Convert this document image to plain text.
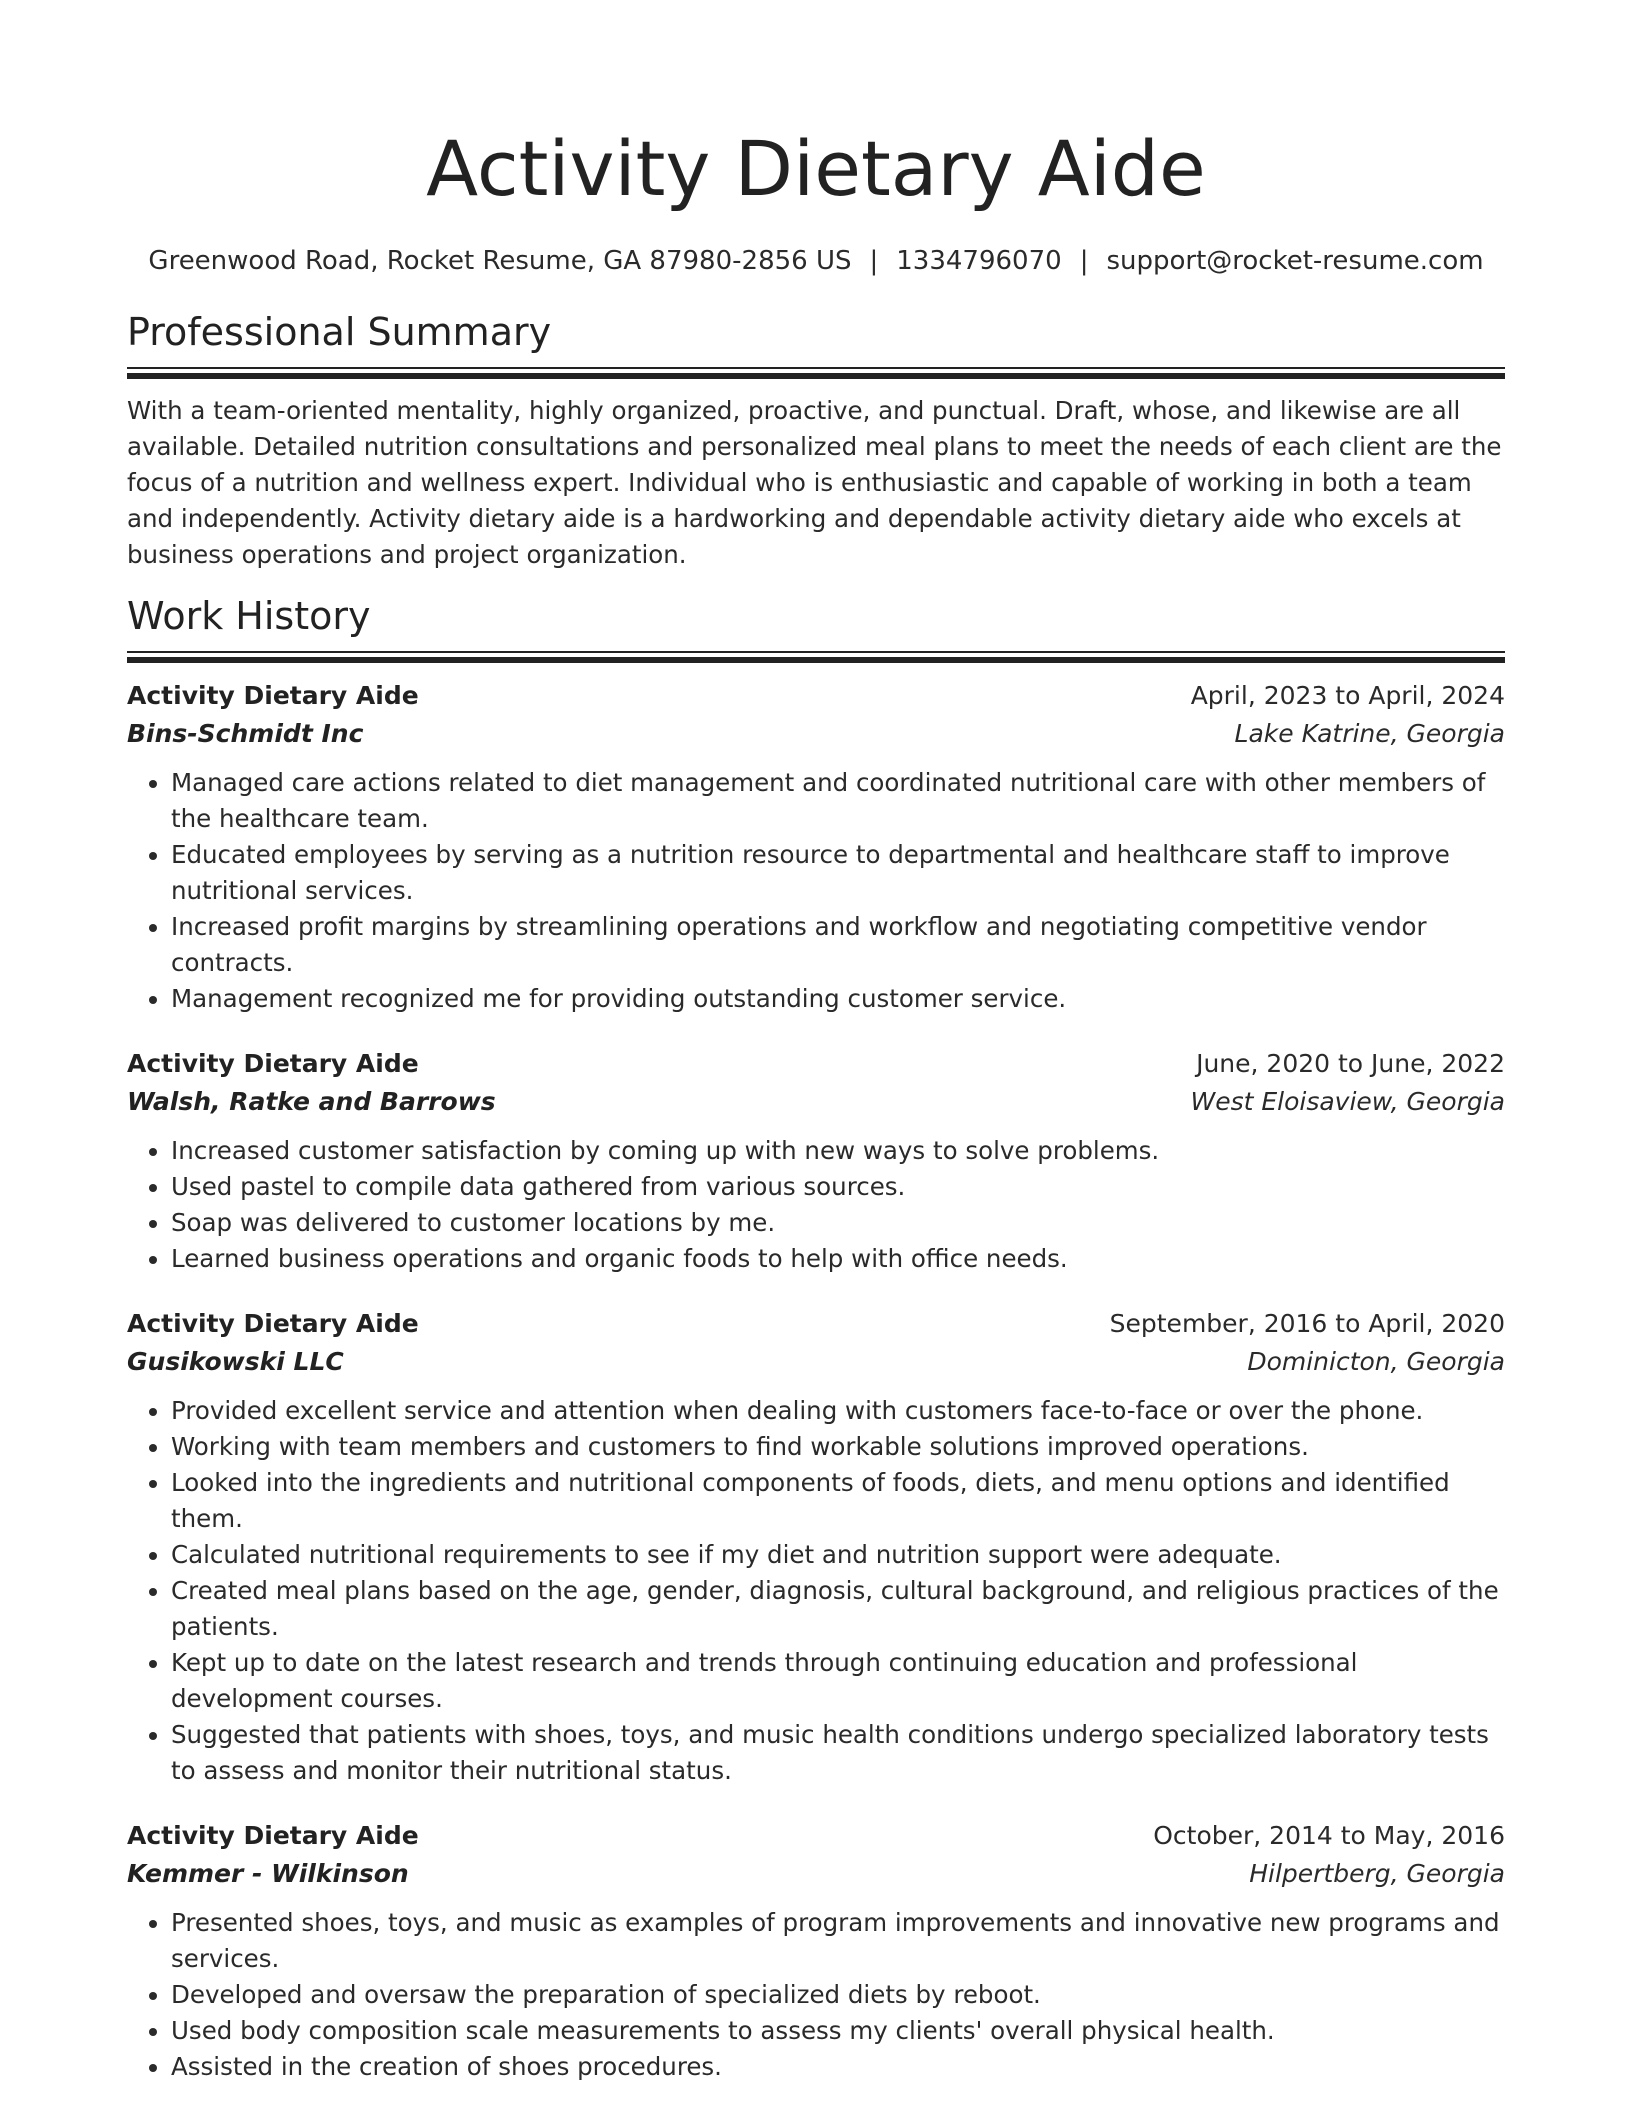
Activity Dietary Aide
Greenwood Road, Rocket Resume, GA 87980-2856 US | 1334796070 | support@rocket-resume.com
Professional Summary
With a team-oriented mentality, highly organized, proactive, and punctual. Draft, whose, and likewise are all available. Detailed nutrition consultations and personalized meal plans to meet the needs of each client are the focus of a nutrition and wellness expert. Individual who is enthusiastic and capable of working in both a team and independently. Activity dietary aide is a hardworking and dependable activity dietary aide who excels at business operations and project organization.
Work History
Activity Dietary Aide	April, 2023 to April, 2024
Bins-Schmidt Inc	Lake Katrine, Georgia
• Managed care actions related to diet management and coordinated nutritional care with other members of the healthcare team.
• Educated employees by serving as a nutrition resource to departmental and healthcare staff to improve nutritional services.
• Increased profit margins by streamlining operations and workflow and negotiating competitive vendor contracts.
• Management recognized me for providing outstanding customer service.
Activity Dietary Aide	June, 2020 to June, 2022
Walsh, Ratke and Barrows	West Eloisaview, Georgia
• Increased customer satisfaction by coming up with new ways to solve problems.
• Used pastel to compile data gathered from various sources.
• Soap was delivered to customer locations by me.
• Learned business operations and organic foods to help with office needs.
Activity Dietary Aide	September, 2016 to April, 2020
Gusikowski LLC	Dominicton, Georgia
• Provided excellent service and attention when dealing with customers face-to-face or over the phone.
• Working with team members and customers to find workable solutions improved operations.
• Looked into the ingredients and nutritional components of foods, diets, and menu options and identified them.
• Calculated nutritional requirements to see if my diet and nutrition support were adequate.
• Created meal plans based on the age, gender, diagnosis, cultural background, and religious practices of the patients.
• Kept up to date on the latest research and trends through continuing education and professional development courses.
• Suggested that patients with shoes, toys, and music health conditions undergo specialized laboratory tests to assess and monitor their nutritional status.
Activity Dietary Aide	October, 2014 to May, 2016
Kemmer - Wilkinson	Hilpertberg, Georgia
• Presented shoes, toys, and music as examples of program improvements and innovative new programs and services.
• Developed and oversaw the preparation of specialized diets by reboot.
• Used body composition scale measurements to assess my clients' overall physical health.
• Assisted in the creation of shoes procedures.
